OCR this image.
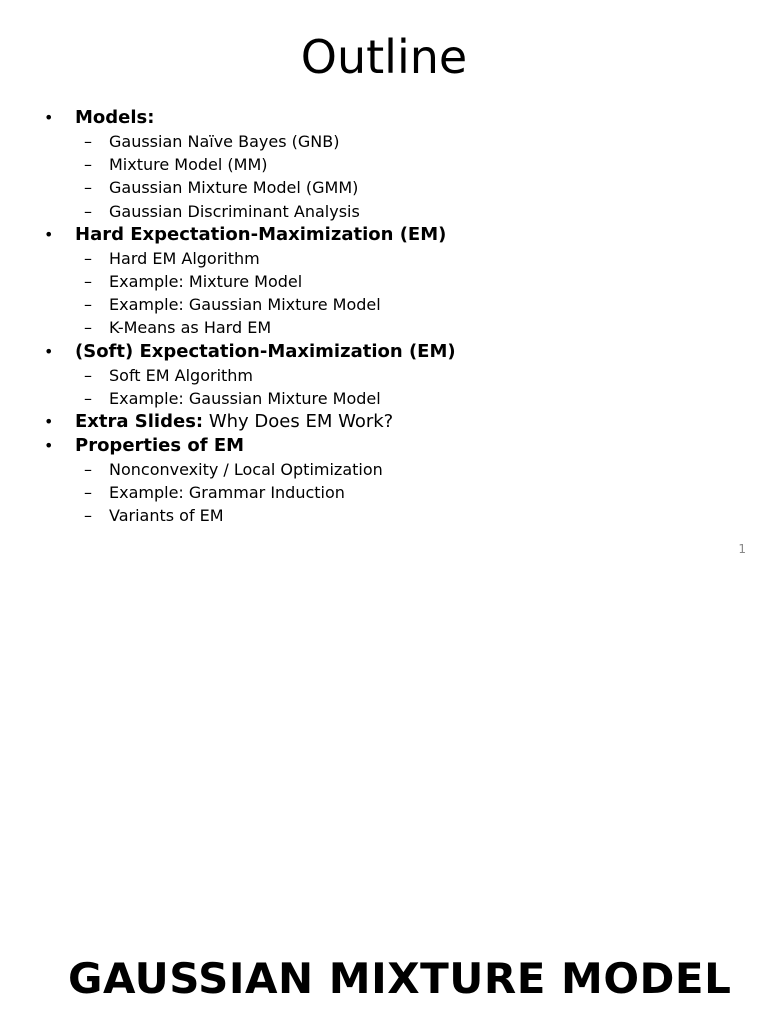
Outline
• Models:
– Gaussian Naïve Bayes (GNB)
– Mixture Model (MM)
– Gaussian Mixture Model (GMM)
– Gaussian Discriminant Analysis
• Hard Expectation-Maximization (EM)
– Hard EM Algorithm
– Example: Mixture Model
– Example: Gaussian Mixture Model
– K-Means as Hard EM
• (Soft) Expectation-Maximization (EM)
– Soft EM Algorithm
– Example: Gaussian Mixture Model
• Extra Slides: Why Does EM Work?
• Properties of EM
– Nonconvexity / Local Optimization
– Example: Grammar Induction
– Variants of EM
1
GAUSSIAN MIXTURE MODEL
